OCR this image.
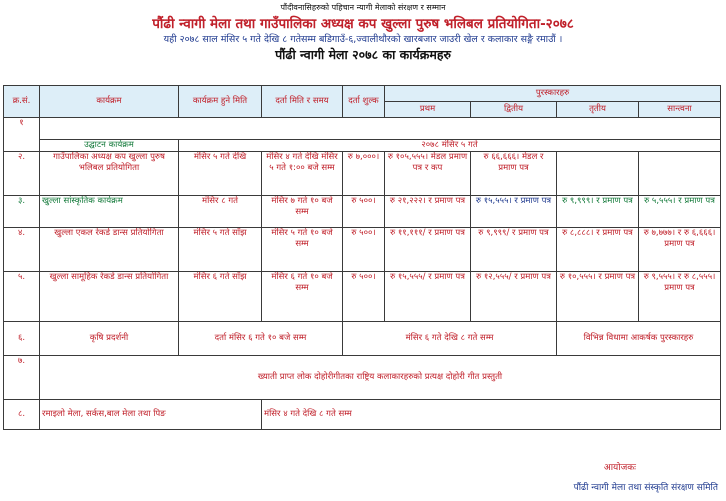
पौंदीवनासिहरुको पहिचान न्यागी मेलाको संरक्षण र सम्मान
पौंढी न्वागी मेला तथा गाउँपालिका अध्यक्ष कप खुल्ला पुरुष भलिबल प्रतियोगिता-२०७८
यही २०७८ साल मंसिर ५ गते देखि ८ गतेसम्म बडिगाउँ-६,ज्वालीथौरको खारबजार जाउरी खेल र कलाकार सङ्गै रमाउौं ।
पौंढी न्वागी मेला २०७८ का कार्यक्रमहरु
क्र.सं.	कार्यक्रम	कार्यक्रम हुने मिति	दर्ता मिति र समय	दर्ता शुल्क	पुरस्कारहरु			
					प्रथम	द्वितीय	तृतीय	सान्त्वना
१								
	उद्घाटन कार्यक्रम	२०७८ मंसिर ५ गते						
२.	गाउँपालिका अध्यक्ष कप खुल्ला पुरुष भलिबल प्रतियोगिता	मंसिर ५ गते देखि	मंसिर ४ गते देखि मंसिर ५ गते १:०० बजे सम्म	रु ७,०००।	रु १०५,५५५। मेडल प्रमाण पत्र र कप	रु ६६,६६६। मेडल र प्रमाण पत्र		
३.	खुल्ला सांस्कृतिक कार्यक्रम	मंसिर ८ गते	मंसिर ७ गते १० बजे सम्म	रु ५००।	रु २१,२२२। र प्रमाण पत्र	रु १५,५५५। र प्रमाण पत्र	रु ९,९९९। र प्रमाण पत्र	रु ५,५५५। र प्रमाण पत्र
४.	खुल्ला एकल रेकर्ड डान्स प्रतियोगिता	मंसिर ५ गते साँझ	मंसिर ५ गते १० बजे सम्म	रु ५००।	रु ११,१११/ र प्रमाण पत्र	रु ९,९९९/ र प्रमाण पत्र	रु ८,८८८। र प्रमाण पत्र	रु ७,७७७। र रु ६,६६६। प्रमाण पत्र
५.	खुल्ला सामूहिक रेकर्ड डान्स प्रतियोगिता	मंसिर ६ गते साँझ	मंसिर ६ गते १० बजे सम्म	रु ५००।	रु १५,५५५/ र प्रमाण पत्र	रु १२,५५५/ र प्रमाण पत्र	रु १०,५५५। र प्रमाण पत्र	रु ९,५५५। र रु ८,५५५। प्रमाण पत्र
६.	कृषि प्रदर्शनी	दर्ता मंसिर ६ गते १० बजे सम्म		मंसिर ६ गते देखि ८ गते सम्म			विभिन्न विधामा आकर्षक पुरस्कारहरु	
७.	ख्याती प्राप्त लोक दोहोरीगीतका राष्ट्रिय कलाकारहरुको प्रत्यक्ष दोहोरी गीत प्रस्तुती							
८.	रमाइलो मेला, सर्कस,बाल मेला तथा पिङ		मंसिर ४ गते देखि ८ गते सम्म					
आयोजकः
पौंढी न्वागी मेला तथा संस्कृति संरक्षण समिति
